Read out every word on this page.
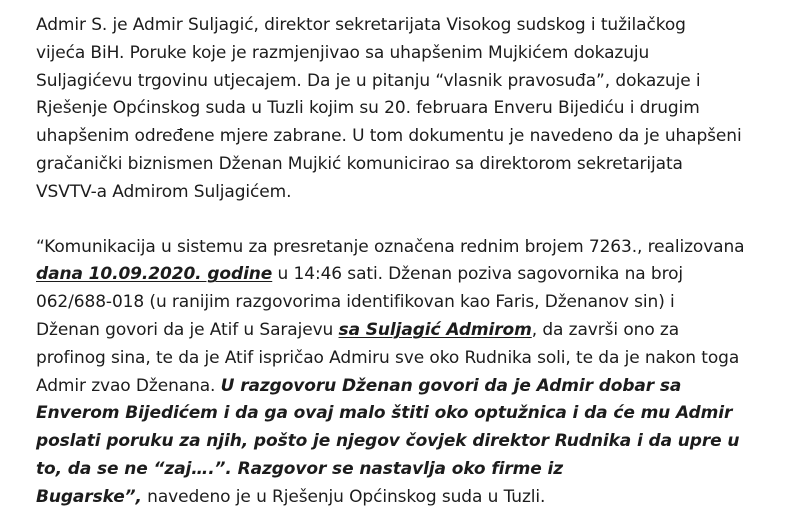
Admir S. je Admir Suljagić, direktor sekretarijata Visokog sudskog i tužilačkog
vijeća BiH. Poruke koje je razmjenjivao sa uhapšenim Mujkićem dokazuju
Suljagićevu trgovinu utjecajem. Da je u pitanju “vlasnik pravosuđa”, dokazuje i
Rješenje Općinskog suda u Tuzli kojim su 20. februara Enveru Bijediću i drugim
uhapšenim određene mjere zabrane. U tom dokumentu je navedeno da je uhapšeni
gračanički biznismen Dženan Mujkić komunicirao sa direktorom sekretarijata
VSVTV-a Admirom Suljagićem.

“Komunikacija u sistemu za presretanje označena rednim brojem 7263., realizovana
dana 10.09.2020. godine u 14:46 sati. Dženan poziva sagovornika na broj
062/688-018 (u ranijim razgovorima identifikovan kao Faris, Dženanov sin) i
Dženan govori da je Atif u Sarajevu sa Suljagić Admirom, da završi ono za
profinog sina, te da je Atif ispričao Admiru sve oko Rudnika soli, te da je nakon toga
Admir zvao Dženana. U razgovoru Dženan govori da je Admir dobar sa
Enverom Bijedićem i da ga ovaj malo štiti oko optužnica i da će mu Admir
poslati poruku za njih, pošto je njegov čovjek direktor Rudnika i da upre u
to, da se ne “zaj….”. Razgovor se nastavlja oko firme iz
Bugarske”, navedeno je u Rješenju Općinskog suda u Tuzli.
